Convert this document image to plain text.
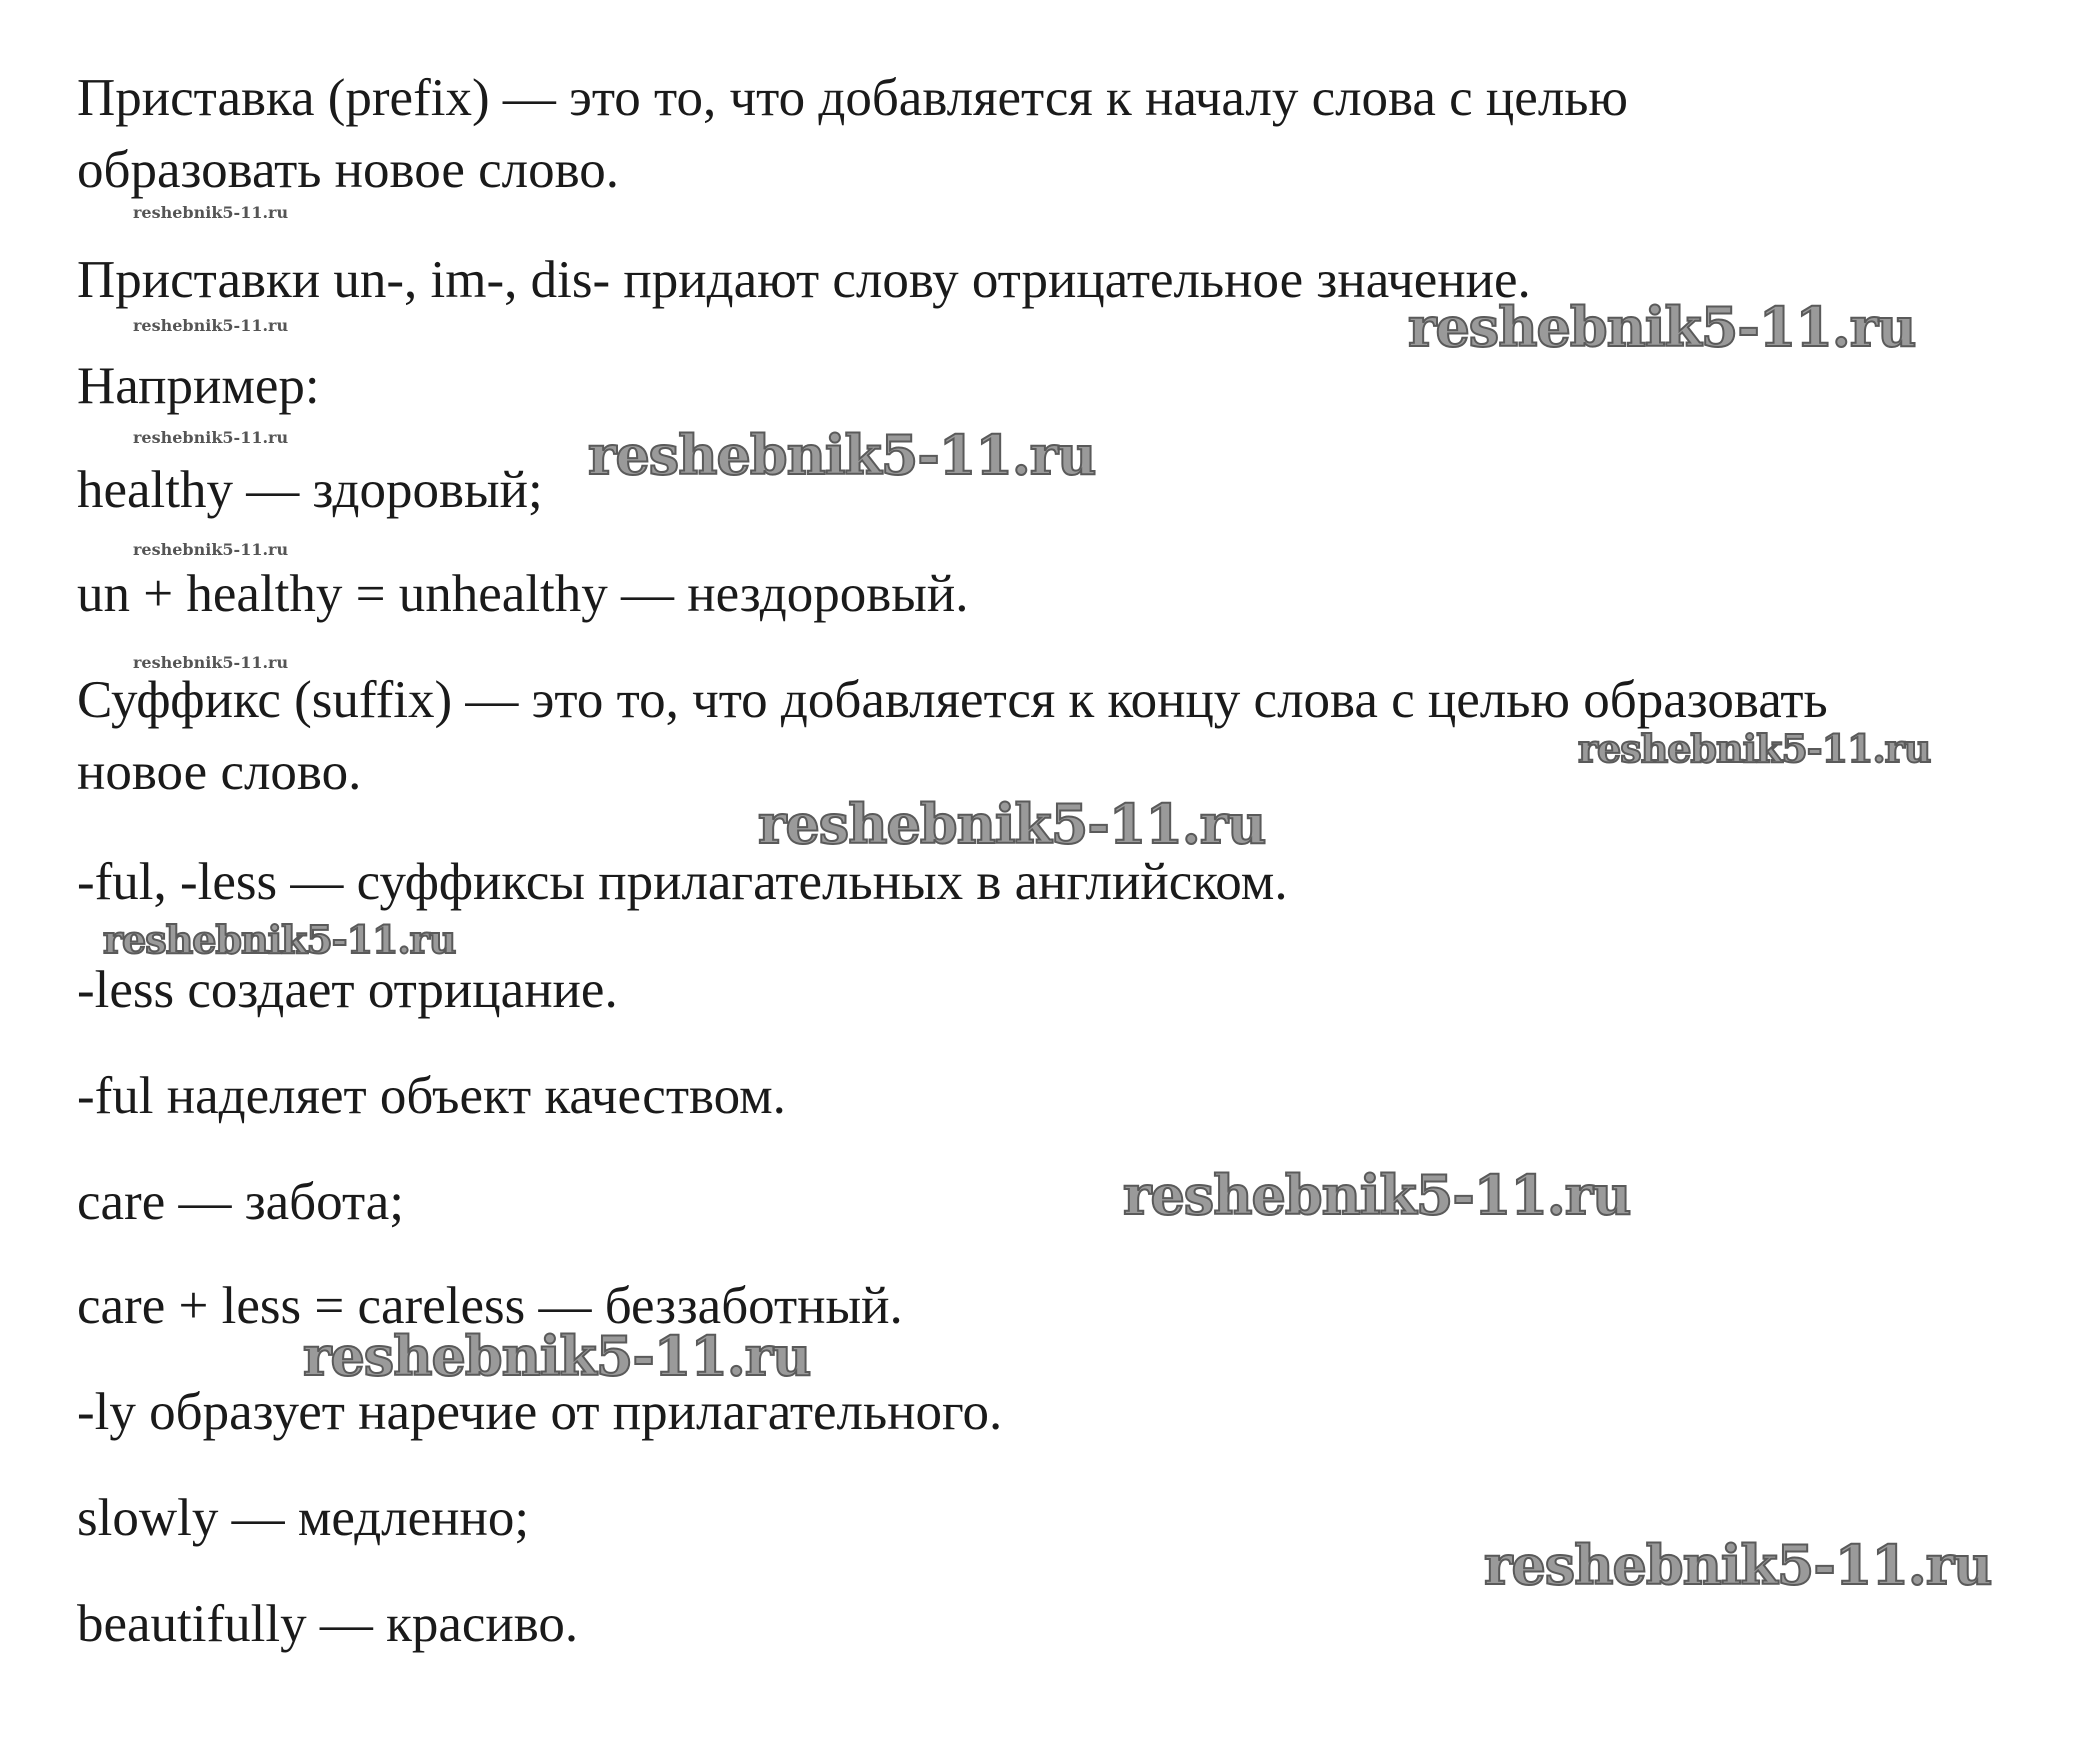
Приставка (prefix) — это то, что добавляется к началу слова с целью

образовать новое слово.

Приставки un-, im-, dis- придают слову отрицательное значение.

Например:

healthy — здоровый;

un + healthy = unhealthy — нездоровый.

Суффикс (suffix) — это то, что добавляется к концу слова с целью образовать

новое слово.

-ful, -less — суффиксы прилагательных в английском.

-less создает отрицание.

-ful наделяет объект качеством.

care — забота;

care + less = careless — беззаботный.

-ly образует наречие от прилагательного.

slowly — медленно;

beautifully — красиво.

reshebnik5-11.ru

reshebnik5-11.ru

reshebnik5-11.ru

reshebnik5-11.ru

reshebnik5-11.ru

reshebnik5-11.ru

reshebnik5-11.ru

reshebnik5-11.ru

reshebnik5-11.ru

reshebnik5-11.ru

reshebnik5-11.ru

reshebnik5-11.ru

reshebnik5-11.ru
